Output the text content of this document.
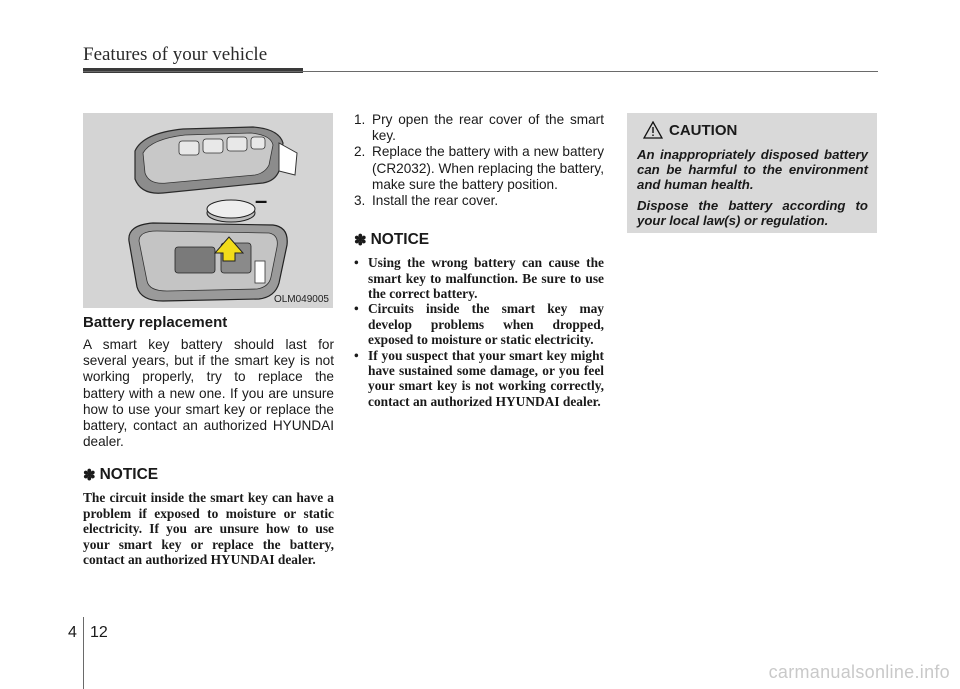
Features of your vehicle
–
OLM049005
Battery replacement

A smart key battery should last for several years, but if the smart key is not working properly, try to replace the battery with a new one. If you are unsure how to use your smart key or replace the battery, contact an authorized HYUNDAI dealer.

✽ NOTICE

The circuit inside the smart key can have a problem if exposed to moisture or static electricity. If you are unsure how to use your smart key or replace the battery, contact an authorized HYUNDAI dealer.

1. Pry open the rear cover of the smart key.
2. Replace the battery with a new battery (CR2032). When replacing the battery, make sure the battery position.
3. Install the rear cover.
✽ NOTICE
• Using the wrong battery can cause the smart key to malfunction. Be sure to use the correct battery.
• Circuits inside the smart key may develop problems when dropped, exposed to moisture or static electricity.
• If you suspect that your smart key might have sustained some damage, or you feel your smart key is not working correctly, contact an authorized HYUNDAI dealer.
CAUTION

An inappropriately disposed battery can be harmful to the environment and human health.

Dispose the battery according to your local law(s) or regulation.

4 12
carmanualsonline.info
